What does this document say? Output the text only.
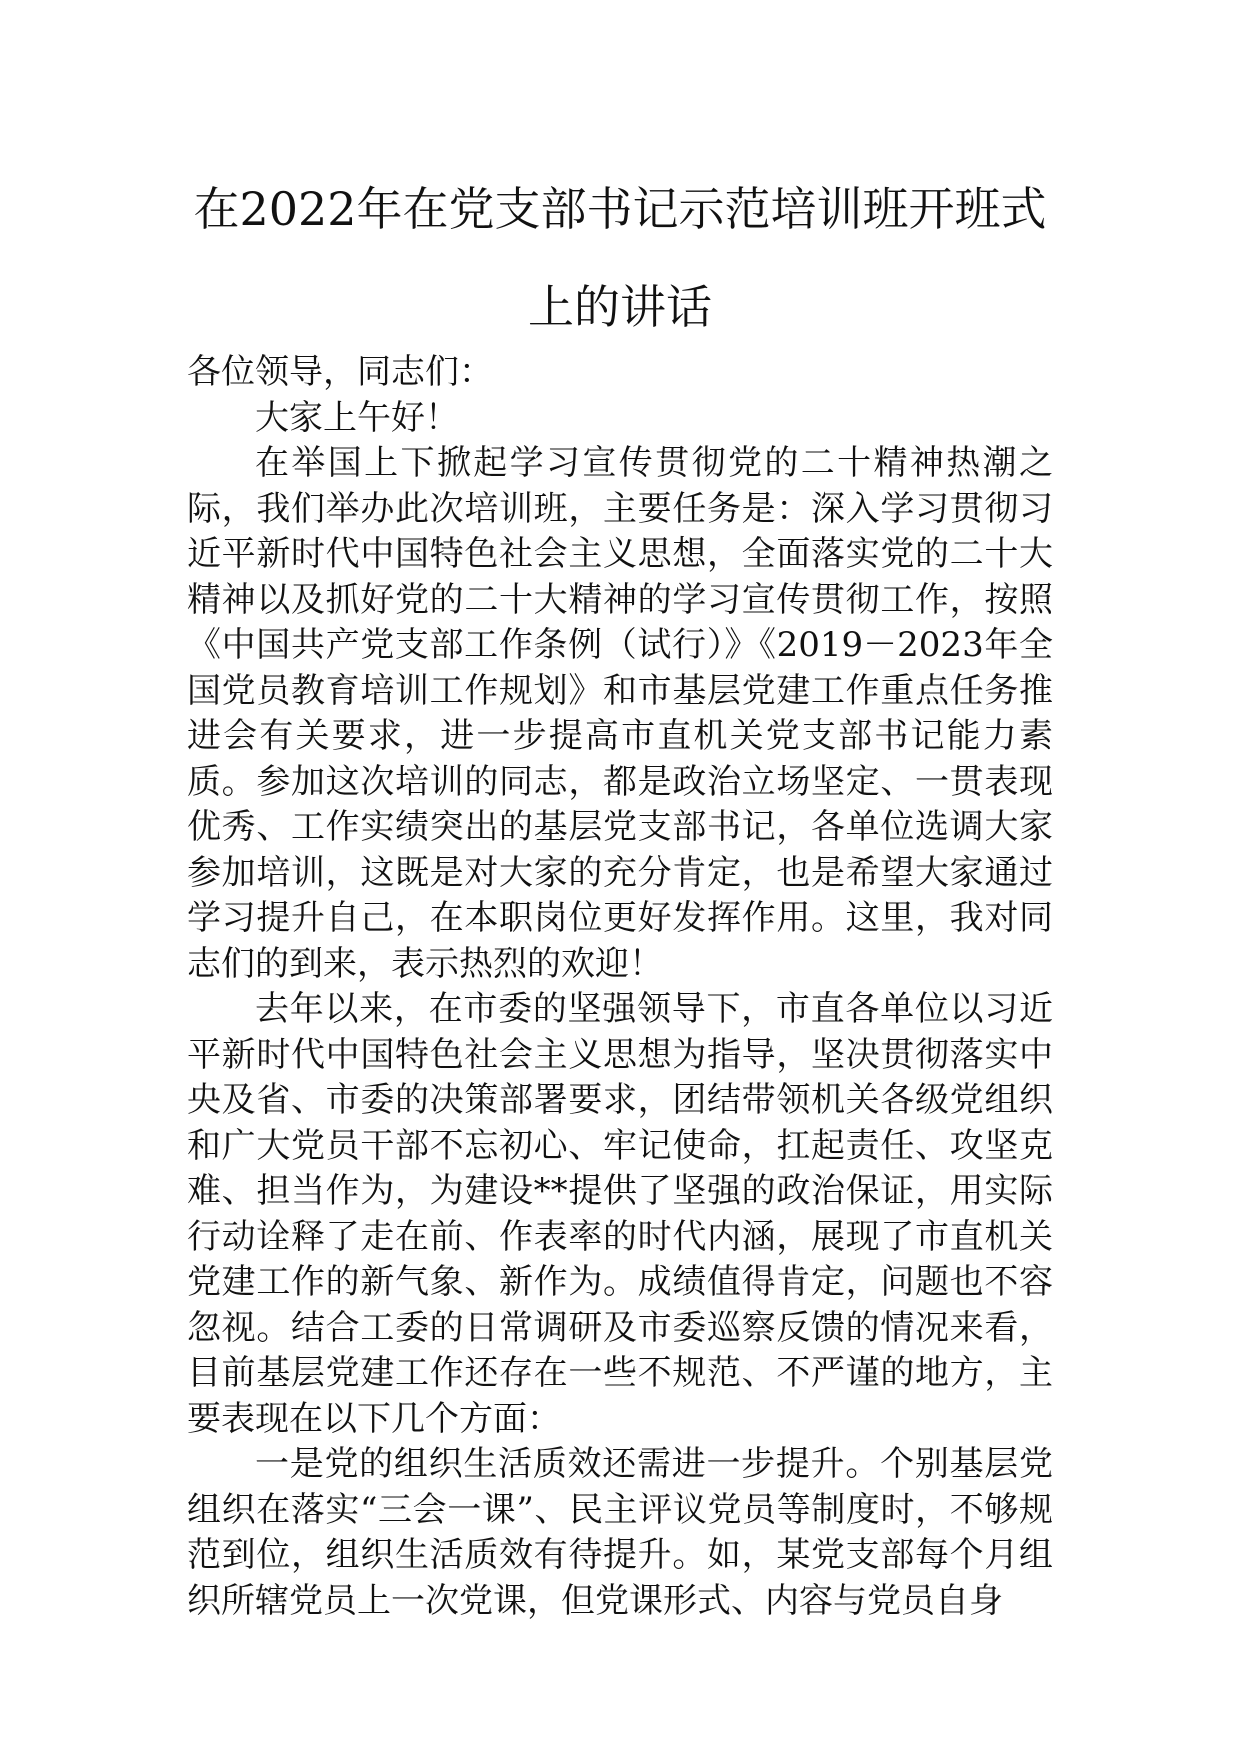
在2022年在党支部书记示范培训班开班式
上的讲话

各位领导，同志们：

大家上午好！

在举国上下掀起学习宣传贯彻党的二十精神热潮之际，我们举办此次培训班，主要任务是：深入学习贯彻习近平新时代中国特色社会主义思想，全面落实党的二十大精神以及抓好党的二十大精神的学习宣传贯彻工作，按照《中国共产党支部工作条例（试行）》《2019－2023年全国党员教育培训工作规划》和市基层党建工作重点任务推进会有关要求，进一步提高市直机关党支部书记能力素质。参加这次培训的同志，都是政治立场坚定、一贯表现优秀、工作实绩突出的基层党支部书记，各单位选调大家参加培训，这既是对大家的充分肯定，也是希望大家通过学习提升自己，在本职岗位更好发挥作用。这里，我对同志们的到来，表示热烈的欢迎！

去年以来，在市委的坚强领导下，市直各单位以习近平新时代中国特色社会主义思想为指导，坚决贯彻落实中央及省、市委的决策部署要求，团结带领机关各级党组织和广大党员干部不忘初心、牢记使命，扛起责任、攻坚克难、担当作为，为建设**提供了坚强的政治保证，用实际行动诠释了走在前、作表率的时代内涵，展现了市直机关党建工作的新气象、新作为。成绩值得肯定，问题也不容忽视。结合工委的日常调研及市委巡察反馈的情况来看，目前基层党建工作还存在一些不规范、不严谨的地方，主要表现在以下几个方面：

一是党的组织生活质效还需进一步提升。个别基层党组织在落实“三会一课”、民主评议党员等制度时，不够规范到位，组织生活质效有待提升。如，某党支部每个月组织所辖党员上一次党课，但党课形式、内容与党员自身
